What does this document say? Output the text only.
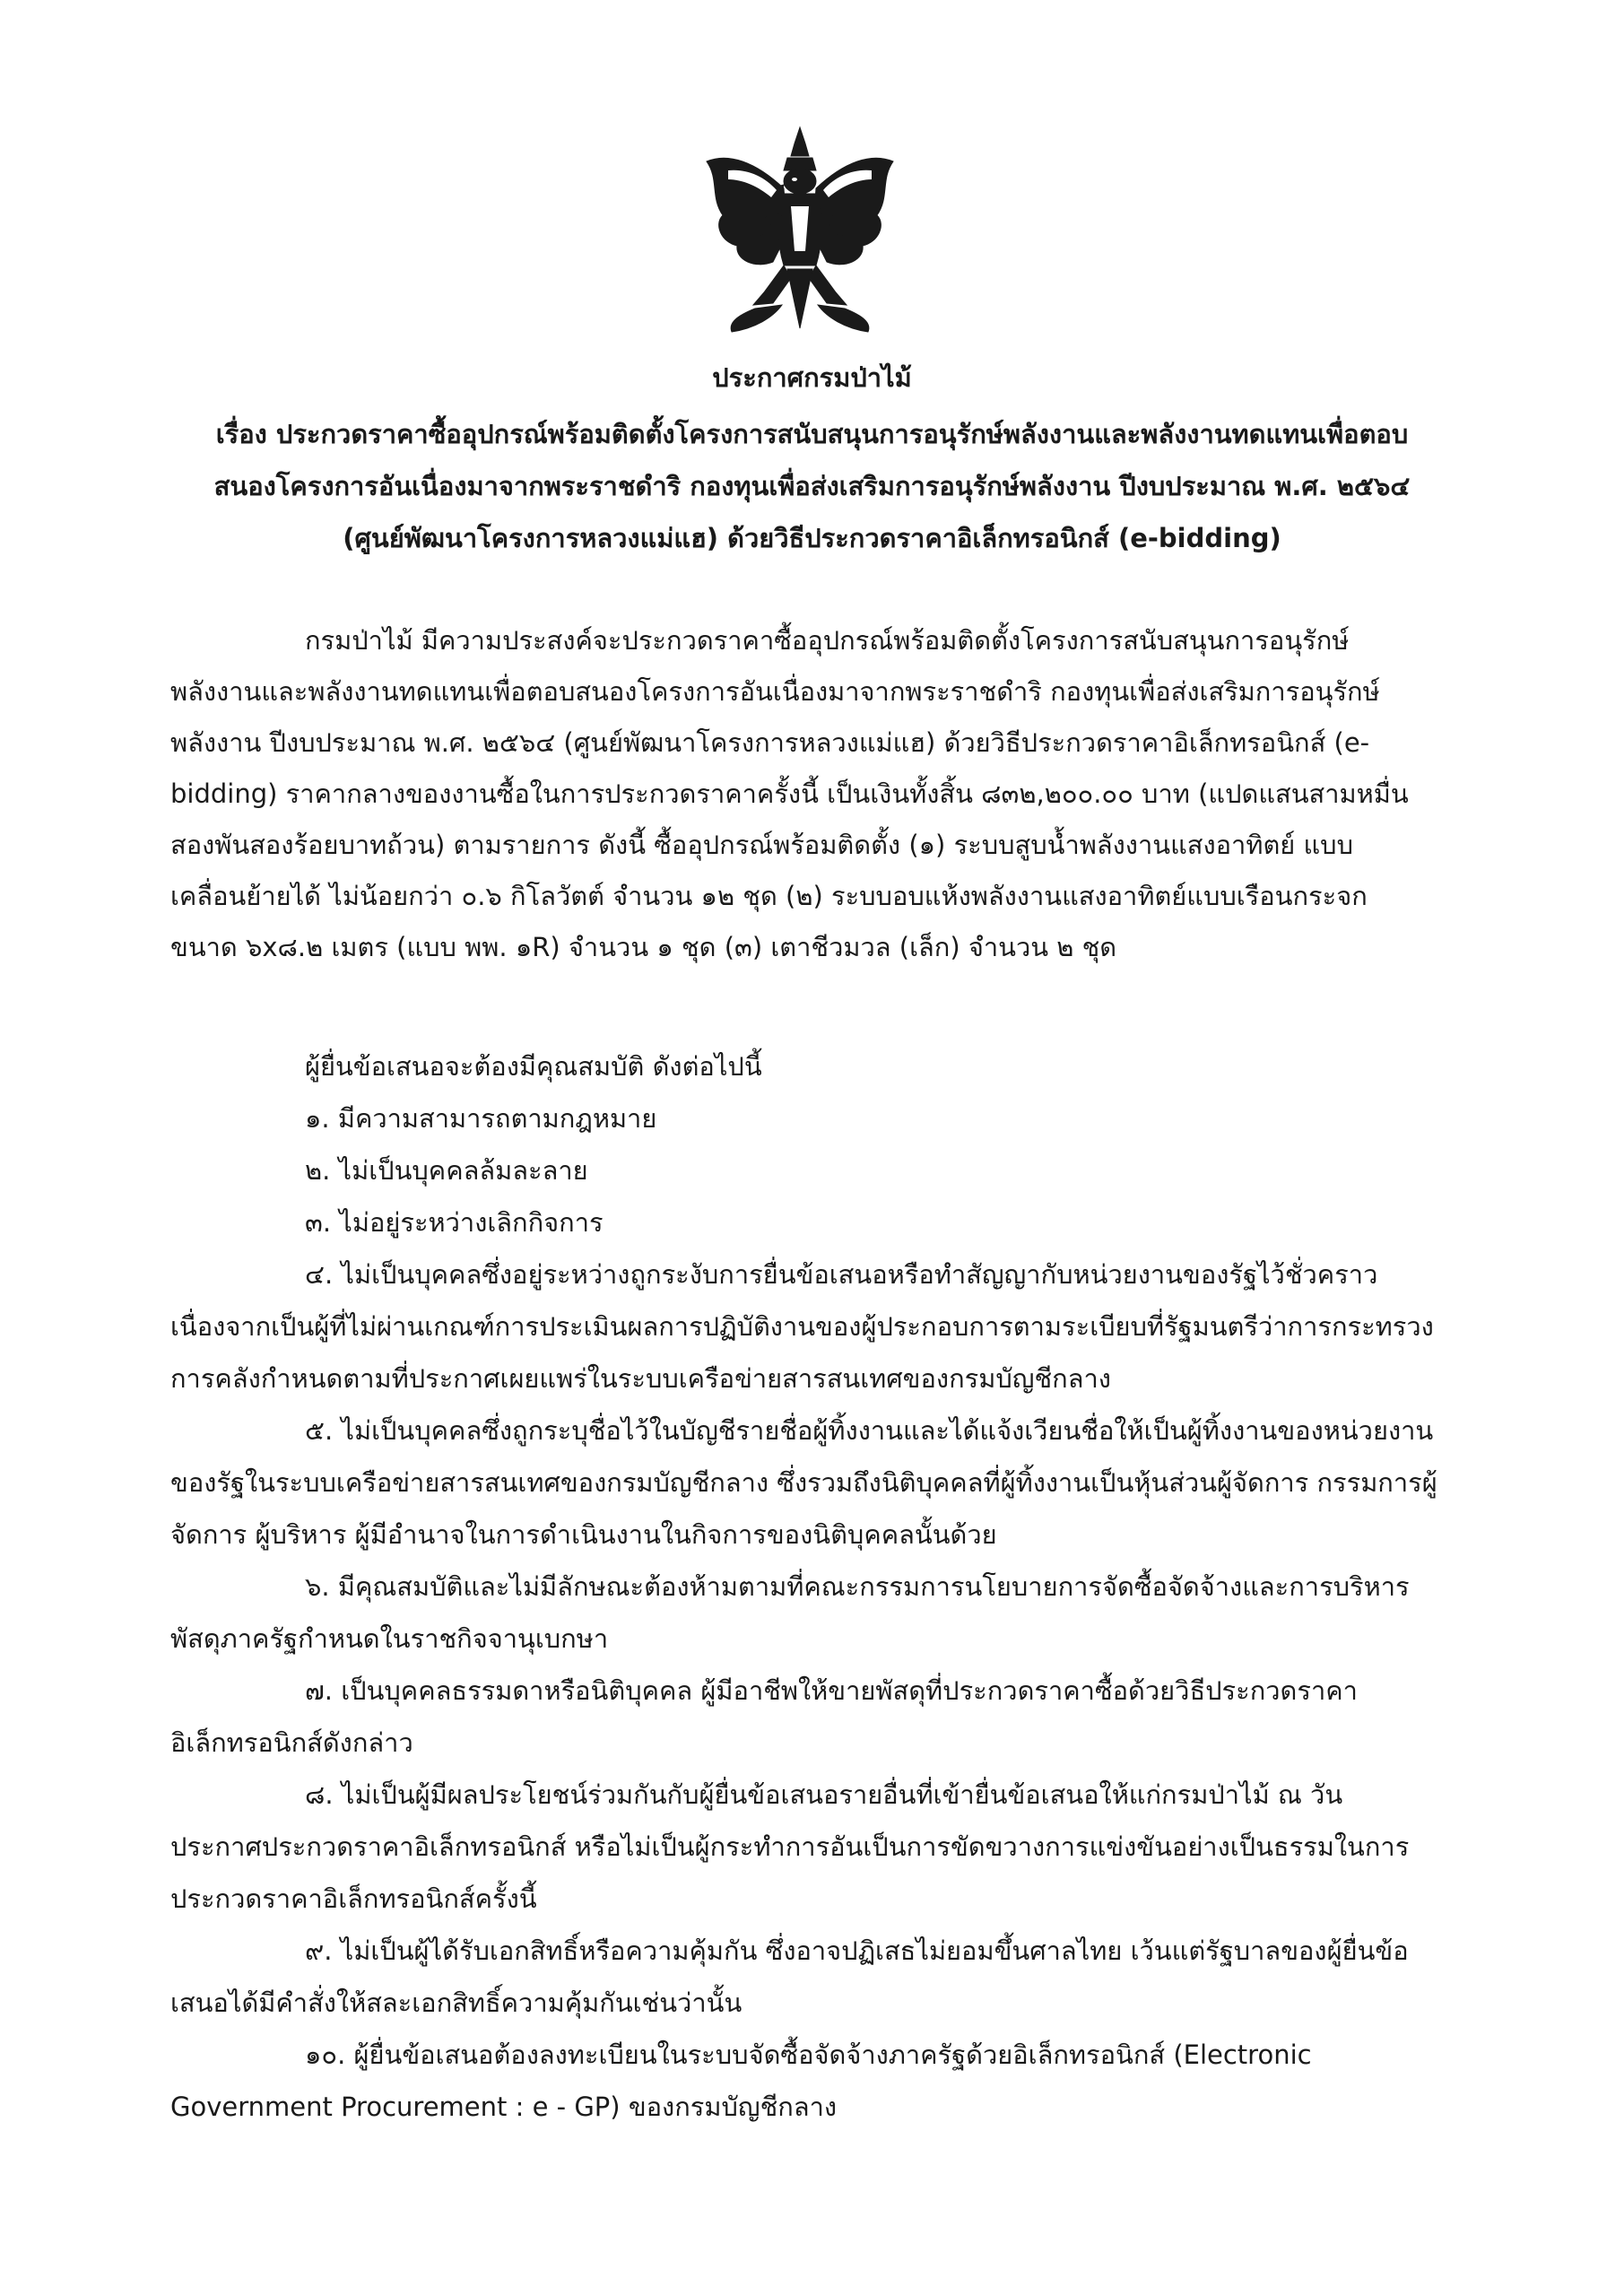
ประกาศกรมป่าไม้
เรื่อง ประกวดราคาซื้ออุปกรณ์พร้อมติดตั้งโครงการสนับสนุนการอนุรักษ์พลังงานและพลังงานทดแทนเพื่อตอบ
สนองโครงการอันเนื่องมาจากพระราชดำริ กองทุนเพื่อส่งเสริมการอนุรักษ์พลังงาน ปีงบประมาณ พ.ศ. ๒๕๖๔
(ศูนย์พัฒนาโครงการหลวงแม่แฮ) ด้วยวิธีประกวดราคาอิเล็กทรอนิกส์ (e-bidding)
กรมป่าไม้ มีความประสงค์จะประกวดราคาซื้ออุปกรณ์พร้อมติดตั้งโครงการสนับสนุนการอนุรักษ์
พลังงานและพลังงานทดแทนเพื่อตอบสนองโครงการอันเนื่องมาจากพระราชดำริ กองทุนเพื่อส่งเสริมการอนุรักษ์
พลังงาน ปีงบประมาณ พ.ศ. ๒๕๖๔ (ศูนย์พัฒนาโครงการหลวงแม่แฮ) ด้วยวิธีประกวดราคาอิเล็กทรอนิกส์ (e-
bidding) ราคากลางของงานซื้อในการประกวดราคาครั้งนี้ เป็นเงินทั้งสิ้น ๘๓๒,๒๐๐.๐๐ บาท (แปดแสนสามหมื่น
สองพันสองร้อยบาทถ้วน) ตามรายการ ดังนี้ ซื้ออุปกรณ์พร้อมติดตั้ง (๑) ระบบสูบน้ำพลังงานแสงอาทิตย์ แบบ
เคลื่อนย้ายได้ ไม่น้อยกว่า ๐.๖ กิโลวัตต์ จำนวน ๑๒ ชุด (๒) ระบบอบแห้งพลังงานแสงอาทิตย์แบบเรือนกระจก
ขนาด ๖x๘.๒ เมตร (แบบ พพ. ๑R) จำนวน ๑ ชุด (๓) เตาชีวมวล (เล็ก) จำนวน ๒ ชุด
ผู้ยื่นข้อเสนอจะต้องมีคุณสมบัติ ดังต่อไปนี้
๑. มีความสามารถตามกฎหมาย
๒. ไม่เป็นบุคคลล้มละลาย
๓. ไม่อยู่ระหว่างเลิกกิจการ
๔. ไม่เป็นบุคคลซึ่งอยู่ระหว่างถูกระงับการยื่นข้อเสนอหรือทำสัญญากับหน่วยงานของรัฐไว้ชั่วคราว
เนื่องจากเป็นผู้ที่ไม่ผ่านเกณฑ์การประเมินผลการปฏิบัติงานของผู้ประกอบการตามระเบียบที่รัฐมนตรีว่าการกระทรวง
การคลังกำหนดตามที่ประกาศเผยแพร่ในระบบเครือข่ายสารสนเทศของกรมบัญชีกลาง
๕. ไม่เป็นบุคคลซึ่งถูกระบุชื่อไว้ในบัญชีรายชื่อผู้ทิ้งงานและได้แจ้งเวียนชื่อให้เป็นผู้ทิ้งงานของหน่วยงาน
ของรัฐในระบบเครือข่ายสารสนเทศของกรมบัญชีกลาง ซึ่งรวมถึงนิติบุคคลที่ผู้ทิ้งงานเป็นหุ้นส่วนผู้จัดการ กรรมการผู้
จัดการ ผู้บริหาร ผู้มีอำนาจในการดำเนินงานในกิจการของนิติบุคคลนั้นด้วย
๖. มีคุณสมบัติและไม่มีลักษณะต้องห้ามตามที่คณะกรรมการนโยบายการจัดซื้อจัดจ้างและการบริหาร
พัสดุภาครัฐกำหนดในราชกิจจานุเบกษา
๗. เป็นบุคคลธรรมดาหรือนิติบุคคล ผู้มีอาชีพให้ขายพัสดุที่ประกวดราคาซื้อด้วยวิธีประกวดราคา
อิเล็กทรอนิกส์ดังกล่าว
๘. ไม่เป็นผู้มีผลประโยชน์ร่วมกันกับผู้ยื่นข้อเสนอรายอื่นที่เข้ายื่นข้อเสนอให้แก่กรมป่าไม้ ณ วัน
ประกาศประกวดราคาอิเล็กทรอนิกส์ หรือไม่เป็นผู้กระทำการอันเป็นการขัดขวางการแข่งขันอย่างเป็นธรรมในการ
ประกวดราคาอิเล็กทรอนิกส์ครั้งนี้
๙. ไม่เป็นผู้ได้รับเอกสิทธิ์หรือความคุ้มกัน ซึ่งอาจปฏิเสธไม่ยอมขึ้นศาลไทย เว้นแต่รัฐบาลของผู้ยื่นข้อ
เสนอได้มีคำสั่งให้สละเอกสิทธิ์ความคุ้มกันเช่นว่านั้น
๑๐. ผู้ยื่นข้อเสนอต้องลงทะเบียนในระบบจัดซื้อจัดจ้างภาครัฐด้วยอิเล็กทรอนิกส์ (Electronic
Government Procurement : e - GP) ของกรมบัญชีกลาง
